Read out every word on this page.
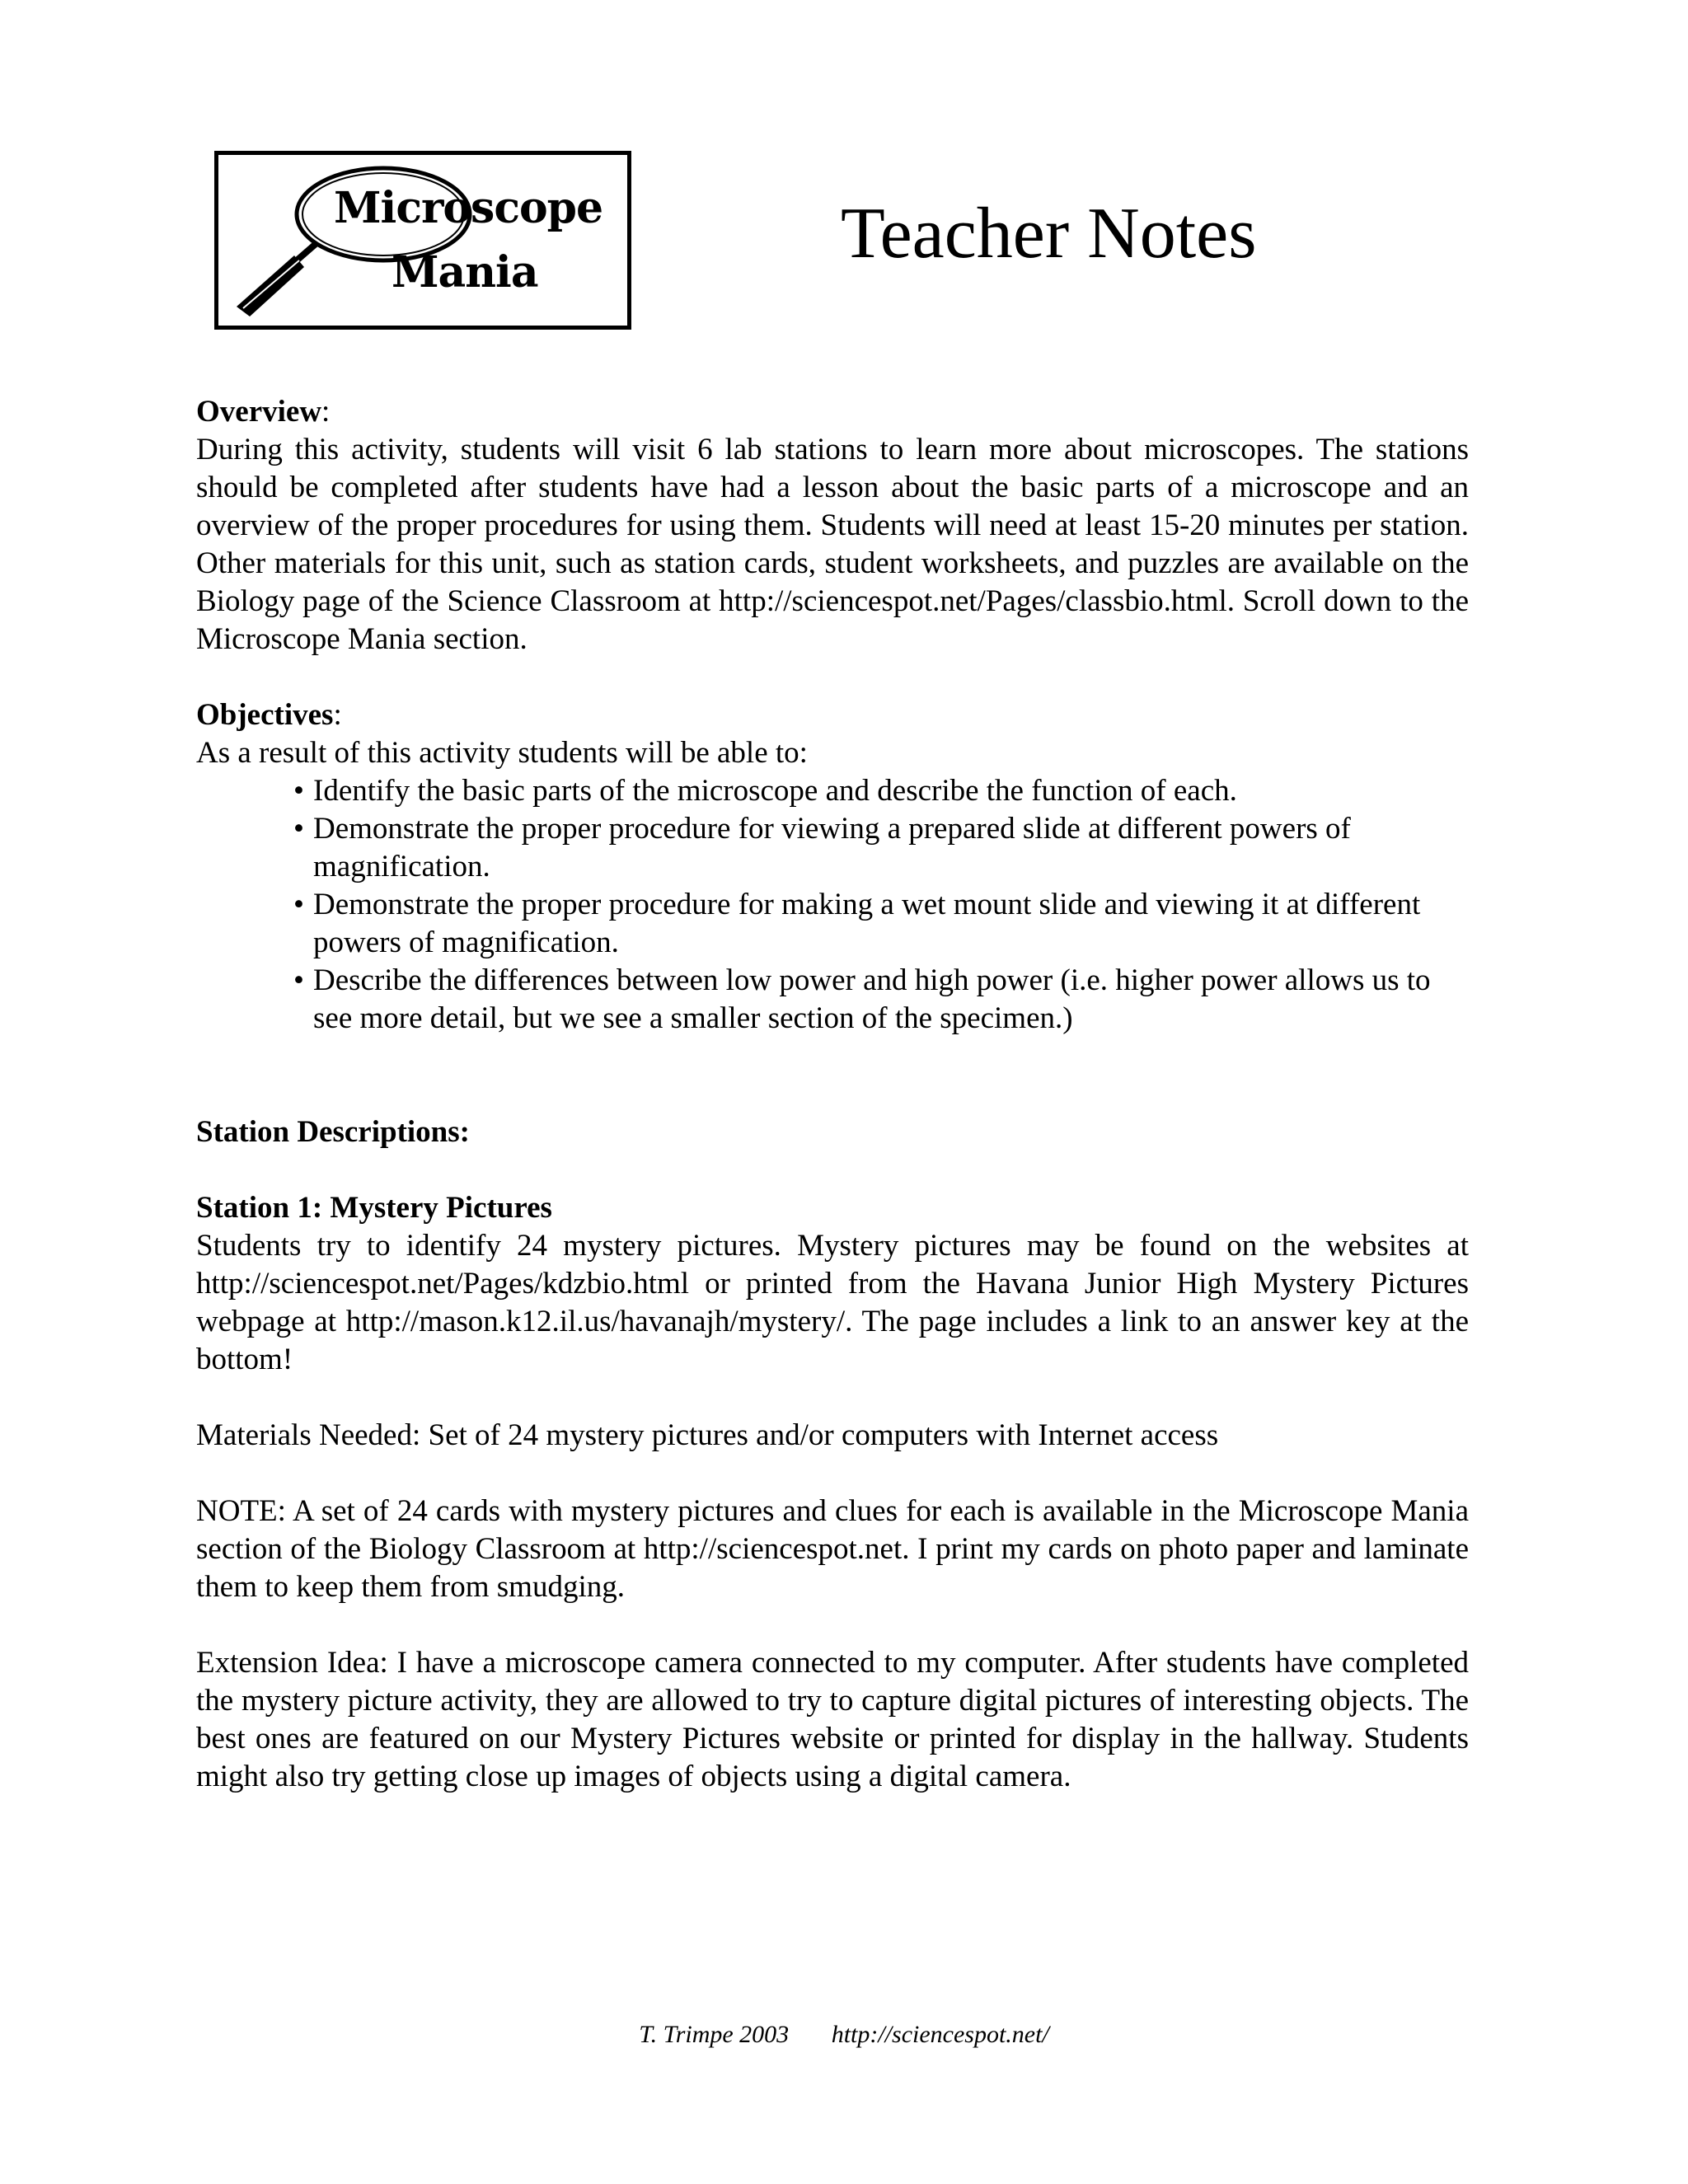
Microscope
Mania	Teacher Notes
Overview:
During this activity, students will visit 6 lab stations to learn more about microscopes. The stations should be completed after students have had a lesson about the basic parts of a microscope and an overview of the proper procedures for using them. Students will need at least 15-20 minutes per station. Other materials for this unit, such as station cards, student worksheets, and puzzles are available on the Biology page of the Science Classroom at http://sciencespot.net/Pages/classbio.html. Scroll down to the Microscope Mania section.
Objectives:
As a result of this activity students will be able to:
• Identify the basic parts of the microscope and describe the function of each.
• Demonstrate the proper procedure for viewing a prepared slide at different powers of magnification.
• Demonstrate the proper procedure for making a wet mount slide and viewing it at different powers of magnification.
• Describe the differences between low power and high power (i.e. higher power allows us to see more detail, but we see a smaller section of the specimen.)
Station Descriptions:
Station 1: Mystery Pictures
Students try to identify 24 mystery pictures. Mystery pictures may be found on the websites at http://sciencespot.net/Pages/kdzbio.html or printed from the Havana Junior High Mystery Pictures webpage at http://mason.k12.il.us/havanajh/mystery/. The page includes a link to an answer key at the bottom!
Materials Needed: Set of 24 mystery pictures and/or computers with Internet access
NOTE: A set of 24 cards with mystery pictures and clues for each is available in the Microscope Mania section of the Biology Classroom at http://sciencespot.net. I print my cards on photo paper and laminate them to keep them from smudging.
Extension Idea: I have a microscope camera connected to my computer. After students have completed the mystery picture activity, they are allowed to try to capture digital pictures of interesting objects. The best ones are featured on our Mystery Pictures website or printed for display in the hallway. Students might also try getting close up images of objects using a digital camera.
T. Trimpe 2003 http://sciencespot.net/
